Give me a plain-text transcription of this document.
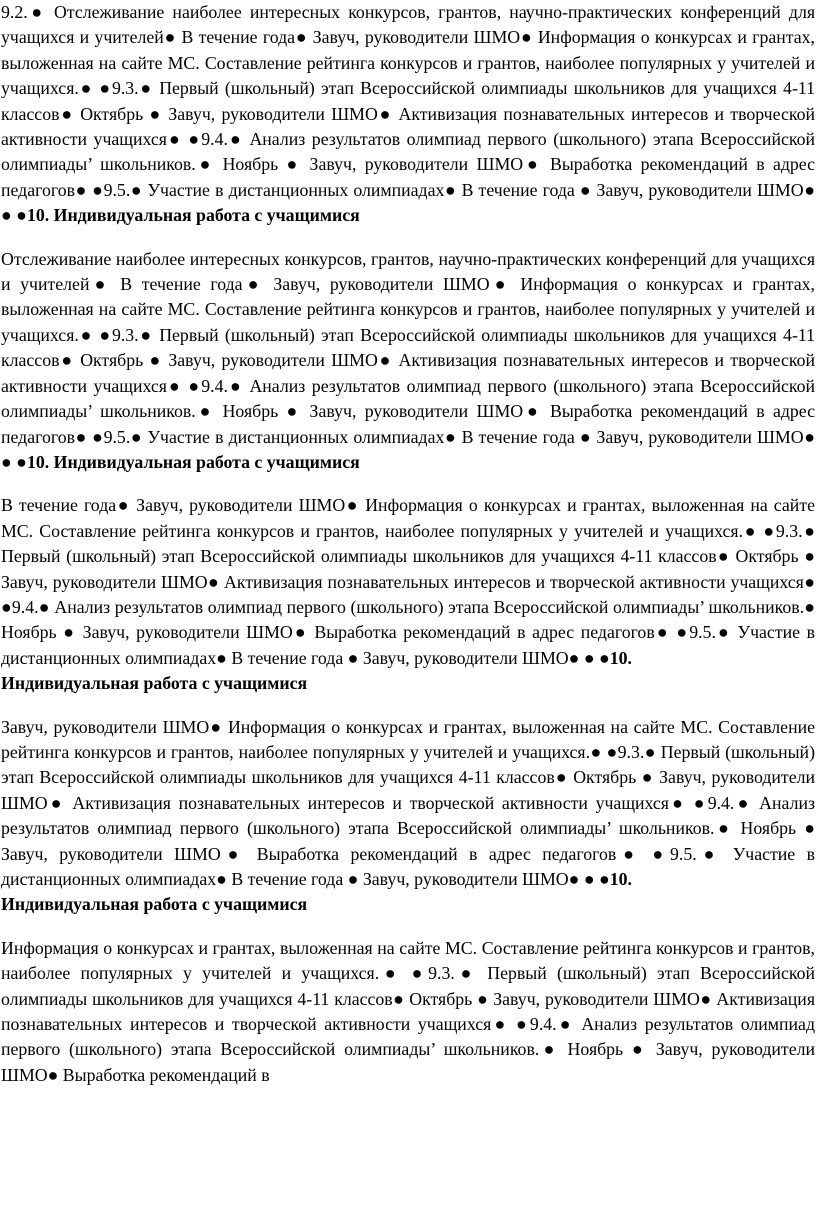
9.2.● Отслеживание наиболее интересных конкурсов, грантов, научно-практических конференций для учащихся и учителей● В течение года● Завуч, руководители ШМО● Информация о конкурсах и грантах, выложенная на сайте МС. Составление рейтинга конкурсов и грантов, наиболее популярных у учителей и учащихся.● ●9.3.● Первый (школьный) этап Всероссийской олимпиады школьников для учащихся 4-11 классов● Октябрь ● Завуч, руководители ШМО● Активизация познавательных интересов и творческой активности учащихся● ●9.4.● Анализ результатов олимпиад первого (школьного) этапа Всероссийской олимпиады’ школьников.● Ноябрь ● Завуч, руководители ШМО● Выработка рекомендаций в адрес педагогов● ●9.5.● Участие в дистанционных олимпиадах● В течение года ● Завуч, руководители ШМО● ● ●10. Индивидуальная работа с учащимися

Отслеживание наиболее интересных конкурсов, грантов, научно-практических конференций для учащихся и учителей● В течение года● Завуч, руководители ШМО● Информация о конкурсах и грантах, выложенная на сайте МС. Составление рейтинга конкурсов и грантов, наиболее популярных у учителей и учащихся.● ●9.3.● Первый (школьный) этап Всероссийской олимпиады школьников для учащихся 4-11 классов● Октябрь ● Завуч, руководители ШМО● Активизация познавательных интересов и творческой активности учащихся● ●9.4.● Анализ результатов олимпиад первого (школьного) этапа Всероссийской олимпиады’ школьников.● Ноябрь ● Завуч, руководители ШМО● Выработка рекомендаций в адрес педагогов● ●9.5.● Участие в дистанционных олимпиадах● В течение года ● Завуч, руководители ШМО● ● ●10. Индивидуальная работа с учащимися

В течение года● Завуч, руководители ШМО● Информация о конкурсах и грантах, выложенная на сайте МС. Составление рейтинга конкурсов и грантов, наиболее популярных у учителей и учащихся.● ●9.3.● Первый (школьный) этап Всероссийской олимпиады школьников для учащихся 4-11 классов● Октябрь ● Завуч, руководители ШМО● Активизация познавательных интересов и творческой активности учащихся● ●9.4.● Анализ результатов олимпиад первого (школьного) этапа Всероссийской олимпиады’ школьников.● Ноябрь ● Завуч, руководители ШМО● Выработка рекомендаций в адрес педагогов● ●9.5.● Участие в дистанционных олимпиадах● В течение года ● Завуч, руководители ШМО● ● ●10.
Индивидуальная работа с учащимися

Завуч, руководители ШМО● Информация о конкурсах и грантах, выложенная на сайте МС. Составление рейтинга конкурсов и грантов, наиболее популярных у учителей и учащихся.● ●9.3.● Первый (школьный) этап Всероссийской олимпиады школьников для учащихся 4-11 классов● Октябрь ● Завуч, руководители ШМО● Активизация познавательных интересов и творческой активности учащихся● ●9.4.● Анализ результатов олимпиад первого (школьного) этапа Всероссийской олимпиады’ школьников.● Ноябрь ● Завуч, руководители ШМО● Выработка рекомендаций в адрес педагогов● ●9.5.● Участие в дистанционных олимпиадах● В течение года ● Завуч, руководители ШМО● ● ●10.
Индивидуальная работа с учащимися

Информация о конкурсах и грантах, выложенная на сайте МС. Составление рейтинга конкурсов и грантов, наиболее популярных у учителей и учащихся.● ●9.3.● Первый (школьный) этап Всероссийской олимпиады школьников для учащихся 4-11 классов● Октябрь ● Завуч, руководители ШМО● Активизация познавательных интересов и творческой активности учащихся● ●9.4.● Анализ результатов олимпиад первого (школьного) этапа Всероссийской олимпиады’ школьников.● Ноябрь ● Завуч, руководители ШМО● Выработка рекомендаций в
